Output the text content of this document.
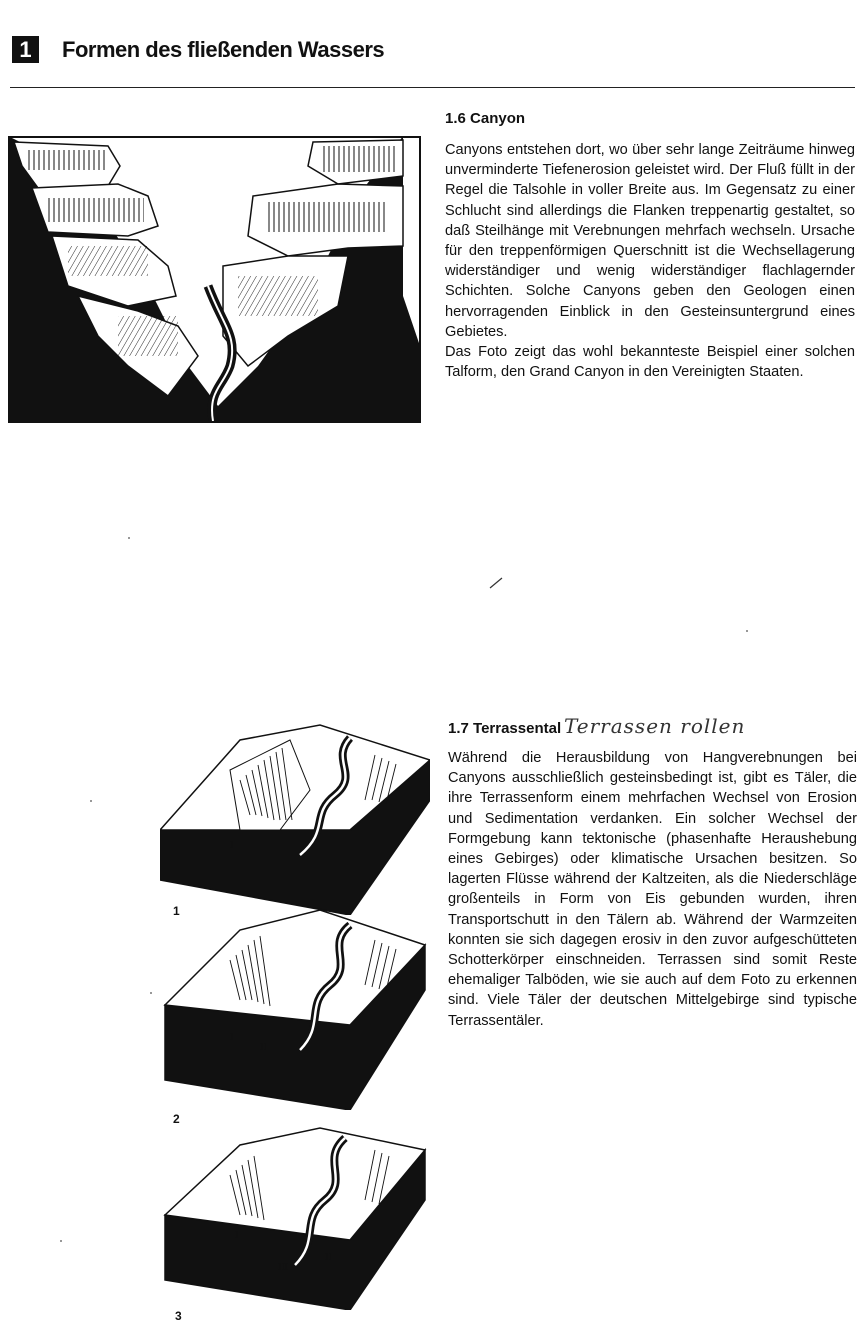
1	Formen des fließenden Wassers
1.6 Canyon

Canyons entstehen dort, wo über sehr lange Zeiträume hinweg unverminderte Tiefenerosion geleistet wird. Der Fluß füllt in der Regel die Talsohle in voller Breite aus. Im Gegensatz zu einer Schlucht sind allerdings die Flanken treppenartig gestaltet, so daß Steilhänge mit Verebnungen mehrfach wechseln. Ursache für den treppenförmigen Querschnitt ist die Wechsellagerung widerständiger und wenig widerständiger flachlagernder Schichten. Solche Canyons geben den Geologen einen hervorragenden Einblick in den Gesteinsuntergrund eines Gebietes.

Das Foto zeigt das wohl bekannteste Beispiel einer solchen Talform, den Grand Canyon in den Vereinigten Staaten.

1.7 Terrassental Terrassen rollen

Während die Herausbildung von Hangverebnungen bei Canyons ausschließlich gesteinsbedingt ist, gibt es Täler, die ihre Terrassenform einem mehrfachen Wechsel von Erosion und Sedimentation verdanken. Ein solcher Wechsel der Formgebung kann tektonische (phasenhafte Heraushebung eines Gebirges) oder klimatische Ursachen besitzen. So lagerten Flüsse während der Kaltzeiten, als die Niederschläge großenteils in Form von Eis gebunden wurden, ihren Transportschutt in den Tälern ab. Während der Warmzeiten konnten sie sich dagegen erosiv in den zuvor aufgeschütteten Schotterkörper einschneiden. Terrassen sind somit Reste ehemaliger Talböden, wie sie auch auf dem Foto zu erkennen sind. Viele Täler der deutschen Mittelgebirge sind typische Terrassentäler.

I
1
I
II
2
I
III
II
3
